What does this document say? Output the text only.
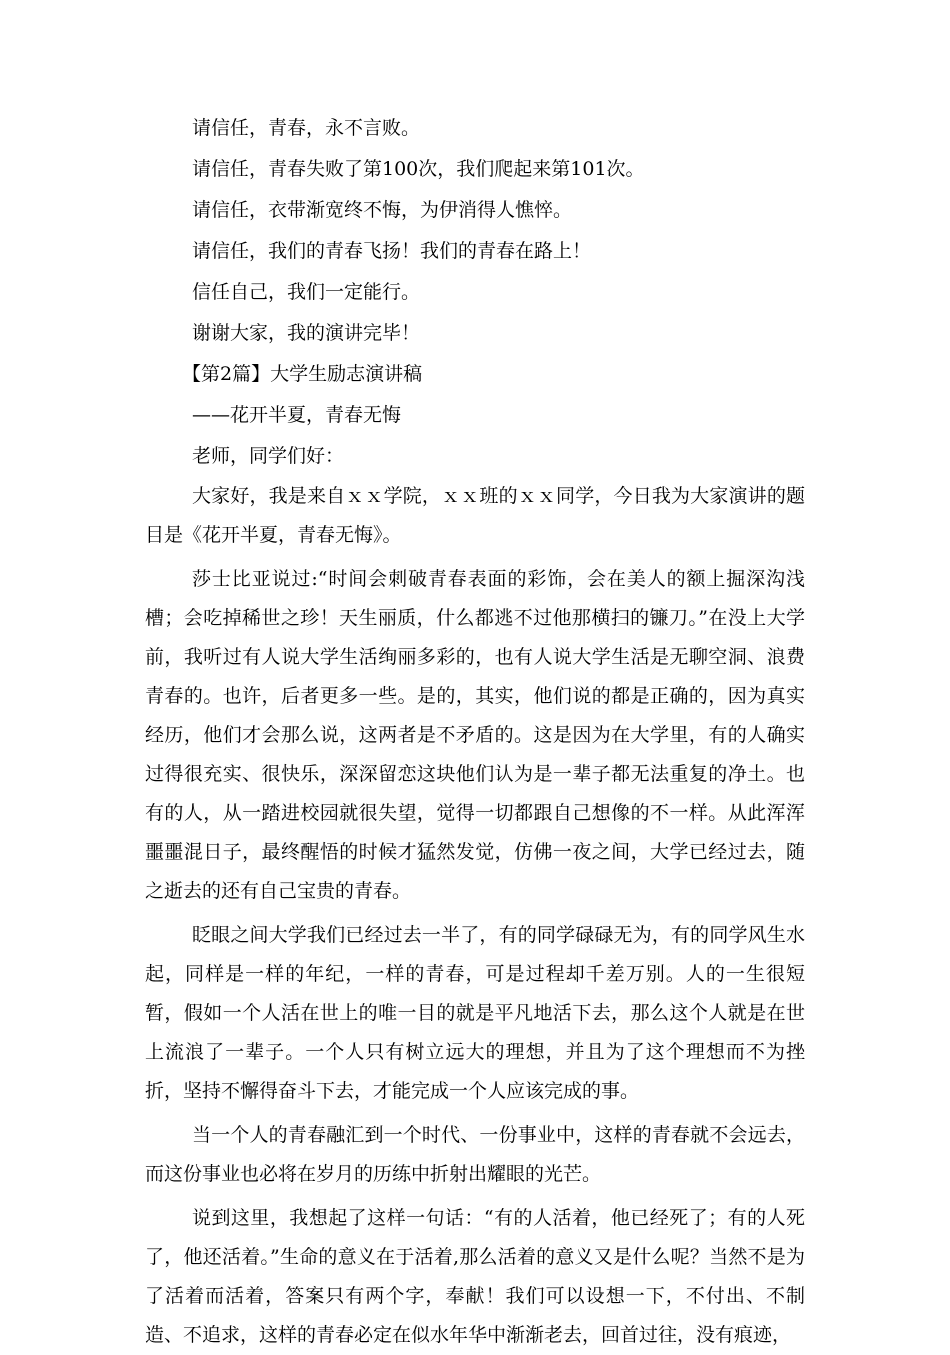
请信任，青春，永不言败。

请信任，青春失败了第100次，我们爬起来第101次。

请信任，衣带渐宽终不悔，为伊消得人憔悴。

请信任，我们的青春飞扬！我们的青春在路上！

信任自己，我们一定能行。

谢谢大家，我的演讲完毕！

【第2篇】大学生励志演讲稿

——花开半夏，青春无悔

老师，同学们好：

大家好，我是来自ｘｘ学院，ｘｘ班的ｘｘ同学，今日我为大家演讲的题目是《花开半夏，青春无悔》。

莎士比亚说过:“时间会刺破青春表面的彩饰，会在美人的额上掘深沟浅槽；会吃掉稀世之珍！天生丽质，什么都逃不过他那横扫的镰刀。”在没上大学前，我听过有人说大学生活绚丽多彩的，也有人说大学生活是无聊空洞、浪费青春的。也许，后者更多一些。是的，其实，他们说的都是正确的，因为真实经历，他们才会那么说，这两者是不矛盾的。这是因为在大学里，有的人确实过得很充实、很快乐，深深留恋这块他们认为是一辈子都无法重复的净土。也有的人，从一踏进校园就很失望，觉得一切都跟自己想像的不一样。从此浑浑噩噩混日子，最终醒悟的时候才猛然发觉，仿佛一夜之间，大学已经过去，随之逝去的还有自己宝贵的青春。

眨眼之间大学我们已经过去一半了，有的同学碌碌无为，有的同学风生水起，同样是一样的年纪，一样的青春，可是过程却千差万别。人的一生很短暂，假如一个人活在世上的唯一目的就是平凡地活下去，那么这个人就是在世上流浪了一辈子。一个人只有树立远大的理想，并且为了这个理想而不为挫折，坚持不懈得奋斗下去，才能完成一个人应该完成的事。

当一个人的青春融汇到一个时代、一份事业中，这样的青春就不会远去，而这份事业也必将在岁月的历练中折射出耀眼的光芒。

说到这里，我想起了这样一句话：“有的人活着，他已经死了；有的人死了，他还活着。”生命的意义在于活着,那么活着的意义又是什么呢？当然不是为了活着而活着，答案只有两个字，奉献！我们可以设想一下，不付出、不制造、不追求，这样的青春必定在似水年华中渐渐老去，回首过往，没有痕迹，
